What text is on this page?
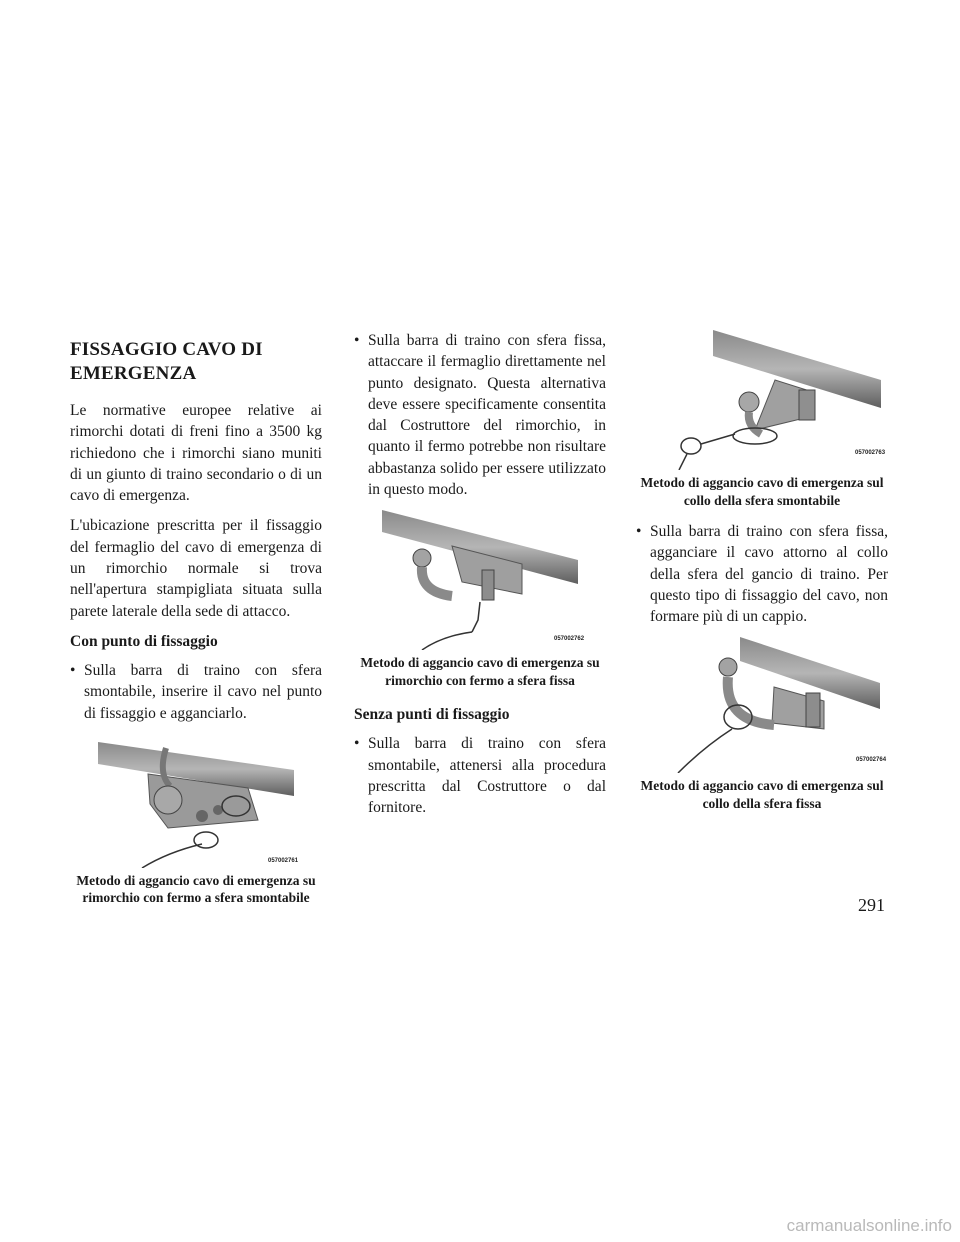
FISSAGGIO CAVO DI
EMERGENZA

Le normative europee relative ai rimorchi dotati di freni fino a 3500 kg richiedono che i rimorchi siano muniti di un giunto di traino secondario o di un cavo di emergenza.

L'ubicazione prescritta per il fissaggio del fermaglio del cavo di emergenza di un rimorchio normale si trova nell'apertura stampigliata situata sulla parete laterale della sede di attacco.

Con punto di fissaggio
• Sulla barra di traino con sfera smontabile, inserire il cavo nel punto di fissaggio e agganciarlo.
057002761
Metodo di aggancio cavo di emergenza su rimorchio con fermo a sfera smontabile
• Sulla barra di traino con sfera fissa, attaccare il fermaglio direttamente nel punto designato. Questa alternativa deve essere specificamente consentita dal Costruttore del rimorchio, in quanto il fermo potrebbe non risultare abbastanza solido per essere utilizzato in questo modo.
057002762
Metodo di aggancio cavo di emergenza su rimorchio con fermo a sfera fissa
Senza punti di fissaggio
• Sulla barra di traino con sfera smontabile, attenersi alla procedura prescritta dal Costruttore o dal fornitore.
057002763
Metodo di aggancio cavo di emergenza sul collo della sfera smontabile
• Sulla barra di traino con sfera fissa, agganciare il cavo attorno al collo della sfera del gancio di traino. Per questo tipo di fissaggio del cavo, non formare più di un cappio.
057002764
Metodo di aggancio cavo di emergenza sul collo della sfera fissa
291
carmanualsonline.info
